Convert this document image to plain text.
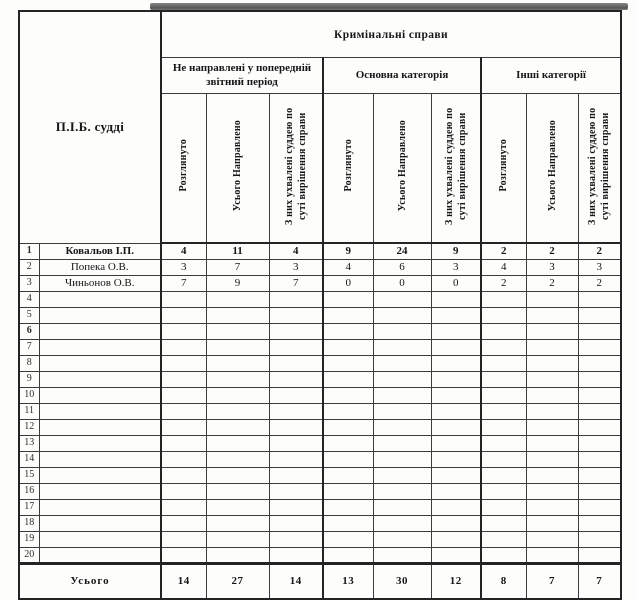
П.І.Б. судді		Кримінальні справи								
		Не направлені у попередній звітний період			Основна категорія			Інші категорії		
		Розглянуто	Усього Направлено	З них ухвалені суддею по суті вирішення справи	Розглянуто	Усього Направлено	З них ухвалені суддею по суті вирішення справи	Розглянуто	Усього Направлено	З них ухвалені суддею по суті вирішення справи
1	Ковальов І.П.	4	11	4	9	24	9	2	2	2
2	Попека О.В.	3	7	3	4	6	3	4	3	3
3	Чиньонов О.В.	7	9	7	0	0	0	2	2	2
4										
5										
6										
7										
8										
9										
10										
11										
12										
13										
14										
15										
16										
17										
18										
19										
20										
Усього		14	27	14	13	30	12	8	7	7
